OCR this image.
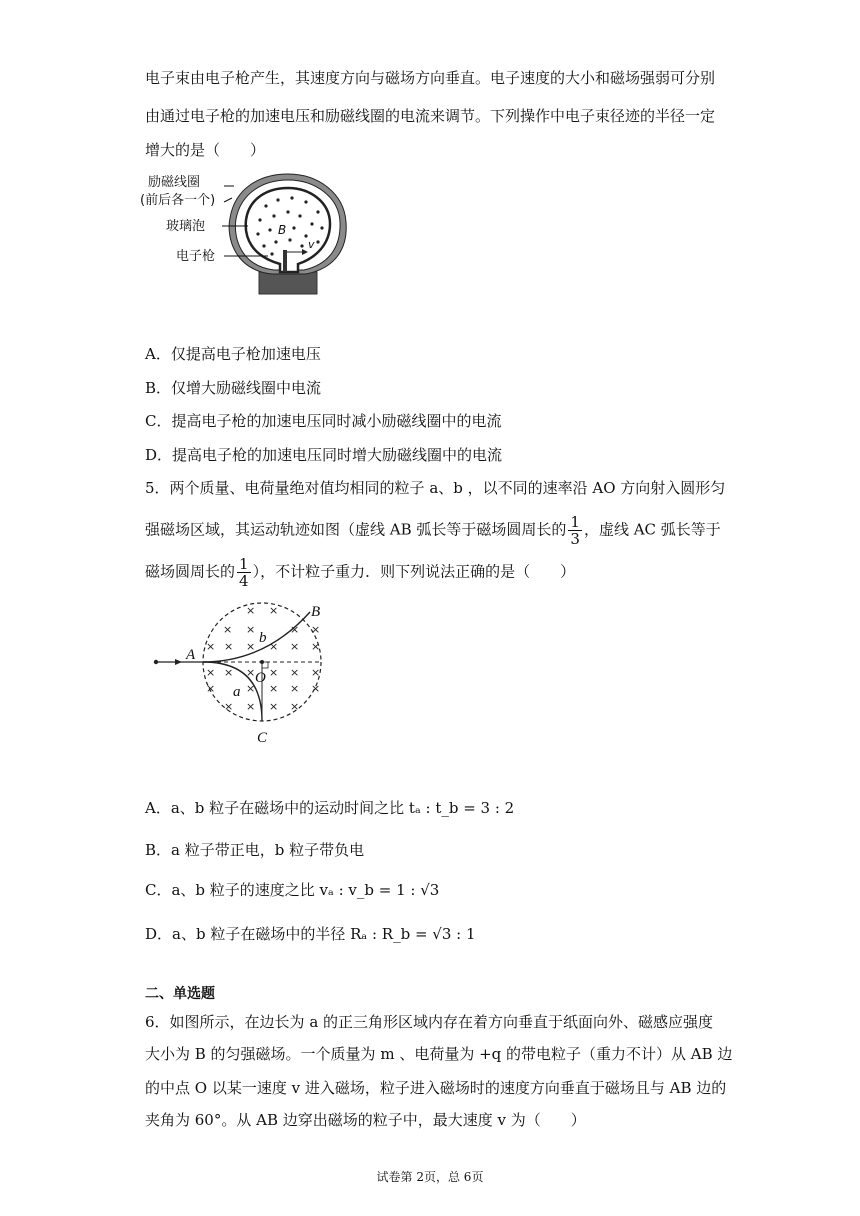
电子束由电子枪产生，其速度方向与磁场方向垂直。电子速度的大小和磁场强弱可分别
由通过电子枪的加速电压和励磁线圈的电流来调节。下列操作中电子束径迹的半径一定
增大的是（　　）
励磁线圈
(前后各一个)
玻璃泡
电子枪
B
v
A．仅提高电子枪加速电压
B．仅增大励磁线圈中电流
C．提高电子枪的加速电压同时减小励磁线圈中的电流
D．提高电子枪的加速电压同时增大励磁线圈中的电流
5．两个质量、电荷量绝对值均相同的粒子 a、b ，以不同的速率沿 AO 方向射入圆形匀
强磁场区域，其运动轨迹如图（虚线 AB 弧长等于磁场圆周长的 $\frac{1}{3}$ ，虚线 AC 弧长等于
磁场圆周长的 $\frac{1}{4}$ ），不计粒子重力．则下列说法正确的是（　　）
× ×
× ×	× ×
× × × × × ×
× × × × × ×
×	× × × ×
× × × ×
A
B
C
O
a
b
A．a、b 粒子在磁场中的运动时间之比 tₐ : t_b = 3 : 2
B．a 粒子带正电，b 粒子带负电
C．a、b 粒子的速度之比 vₐ : v_b = 1 : √3
D．a、b 粒子在磁场中的半径 Rₐ : R_b = √3 : 1
二、单选题
6．如图所示，在边长为 a 的正三角形区域内存在着方向垂直于纸面向外、磁感应强度
大小为 B 的匀强磁场。一个质量为 m 、电荷量为 +q 的带电粒子（重力不计）从 AB 边
的中点 O 以某一速度 v 进入磁场，粒子进入磁场时的速度方向垂直于磁场且与 AB 边的
夹角为 60°。从 AB 边穿出磁场的粒子中，最大速度 v 为（　　）
试卷第 2页，总 6页
